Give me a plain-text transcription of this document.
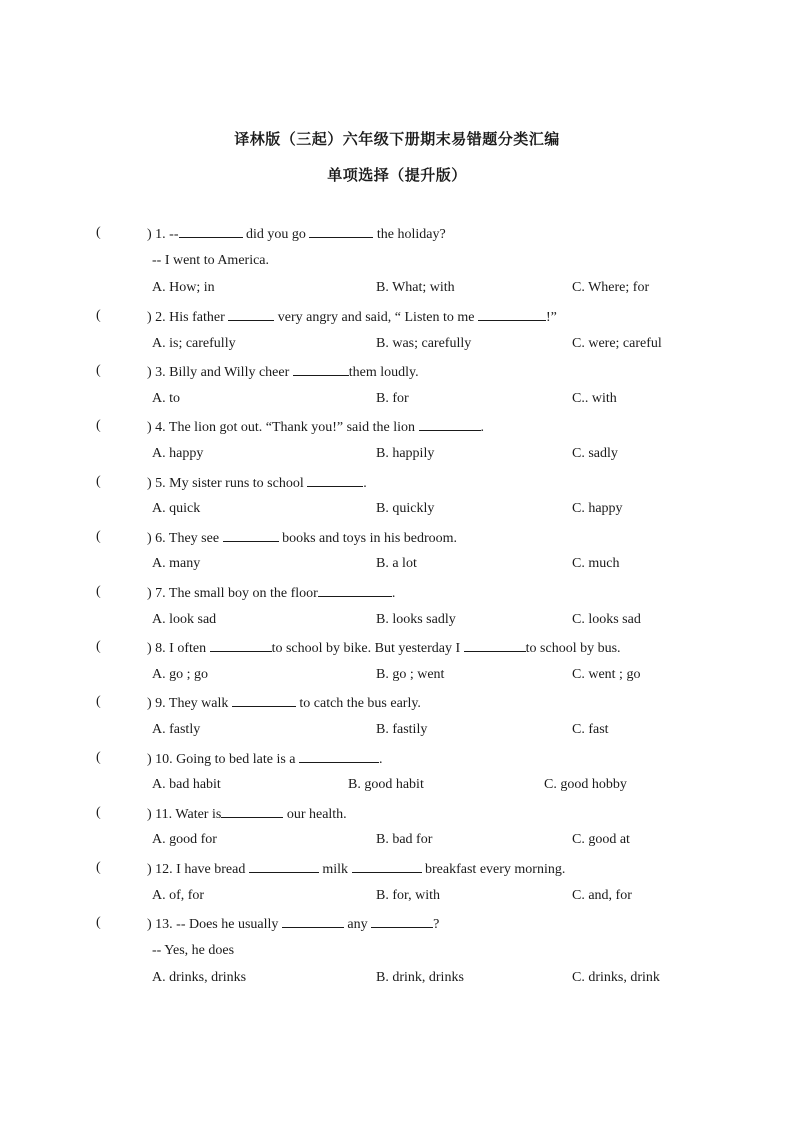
译林版（三起）六年级下册期末易错题分类汇编
单项选择（提升版）
(	) 1. --	did you go	the holiday?
-- I went to America.
A. How; in	B. What; with	C. Where; for
(	) 2. His father	very angry and said, “ Listen to me	!”
A. is; carefully	B. was; carefully	C. were; careful
(	) 3. Billy and Willy cheer	them loudly.
A. to	B. for	C.. with
(	) 4. The lion got out. “Thank you!” said the lion	.
A. happy	B. happily	C. sadly
(	) 5. My sister runs to school	.
A. quick	B. quickly	C. happy
(	) 6. They see	books and toys in his bedroom.
A. many	B. a lot	C. much
(	) 7. The small boy on the floor	.
A. look sad	B. looks sadly	C. looks sad
(	) 8. I often	to school by bike. But yesterday I	to school by bus.
A. go ; go	B. go ; went	C. went ; go
(	) 9. They walk	to catch the bus early.
A. fastly	B. fastily	C. fast
(	) 10. Going to bed late is a	.
A. bad habit	B. good habit	C. good hobby
(	) 11. Water is	our health.
A. good for	B. bad for	C. good at
(	) 12. I have bread	milk	breakfast every morning.
A. of, for	B. for, with	C. and, for
(	) 13. -- Does he usually	any	?
-- Yes, he does
A. drinks, drinks	B. drink, drinks	C. drinks, drink
